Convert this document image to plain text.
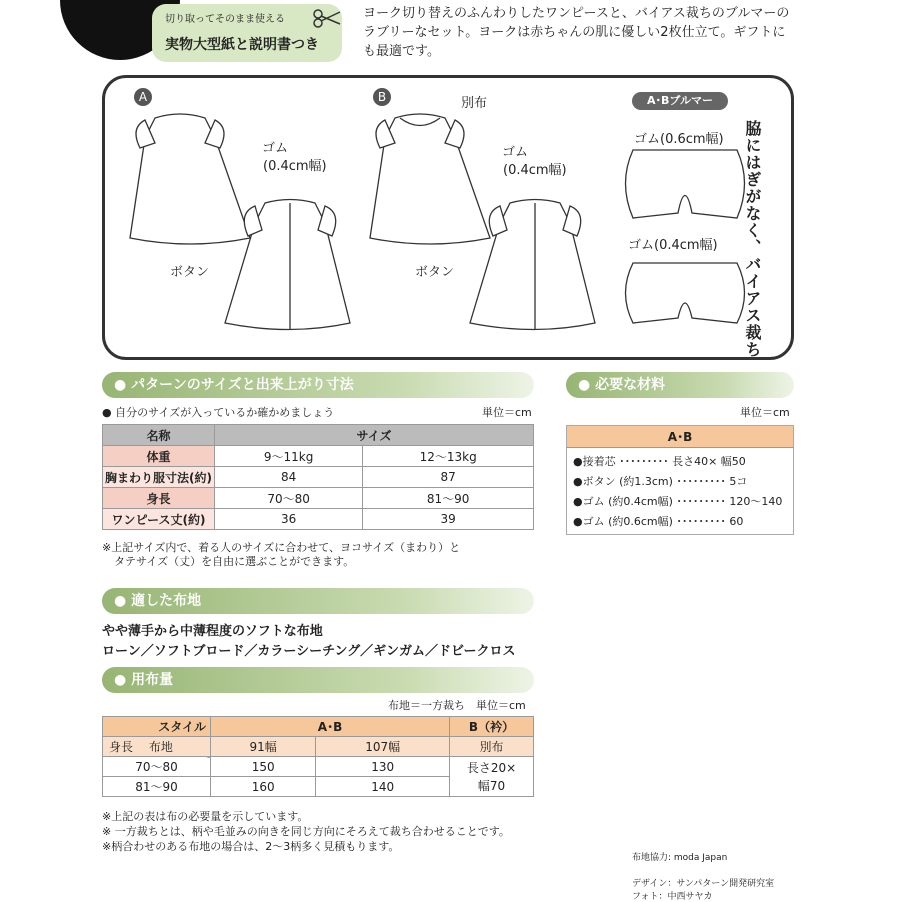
切り取ってそのまま使える
実物大型紙と説明書つき
ヨーク切り替えのふんわりしたワンピースと、バイアス裁ちのブルマーのラブリーなセット。ヨークは赤ちゃんの肌に優しい2枚仕立て。ギフトにも最適です。
A	B
ゴム
(0.4cm幅)
ボタン
別布
ゴム
(0.4cm幅)
ボタン
A･Bブルマー
ゴム(0.6cm幅)
ゴム(0.4cm幅)	脇にはぎがなく、バイアス裁ち
● パターンのサイズと出来上がり寸法
● 自分のサイズが入っているか確かめましょう	単位＝cm
名称	サイズ	
体重	9～11kg	12～13kg
胸まわり服寸法(約)	84	87
身長	70～80	81～90
ワンピース丈(約)	36	39
※上記サイズ内で、着る人のサイズに合わせて、ヨコサイズ（まわり）と
タテサイズ（丈）を自由に選ぶことができます。
● 必要な材料
単位＝cm
A･B
●接着芯 ･････････ 長さ40× 幅50
●ボタン (約1.3cm) ･････････ 5コ
●ゴム (約0.4cm幅) ･････････ 120～140
●ゴム (約0.6cm幅) ･････････ 60
● 適した布地
やや薄手から中薄程度のソフトな布地
ローン／ソフトブロード／カラーシーチング／ギンガム／ドビークロス
● 用布量
布地＝一方裁ち　単位＝cm
スタイル	A･B		B（衿）
身長 布地	91幅	107幅	別布
70～80	150	130	長さ20×
幅70

81～90	160	140	
※上記の表は布の必要量を示しています。
※ 一方裁ちとは、柄や毛並みの向きを同じ方向にそろえて裁ち合わせることです。
※柄合わせのある布地の場合は、2～3柄多く見積もります。
布地協力: moda Japan
デザイン：サンパターン開発研究室
フォト：中西サヤカ
